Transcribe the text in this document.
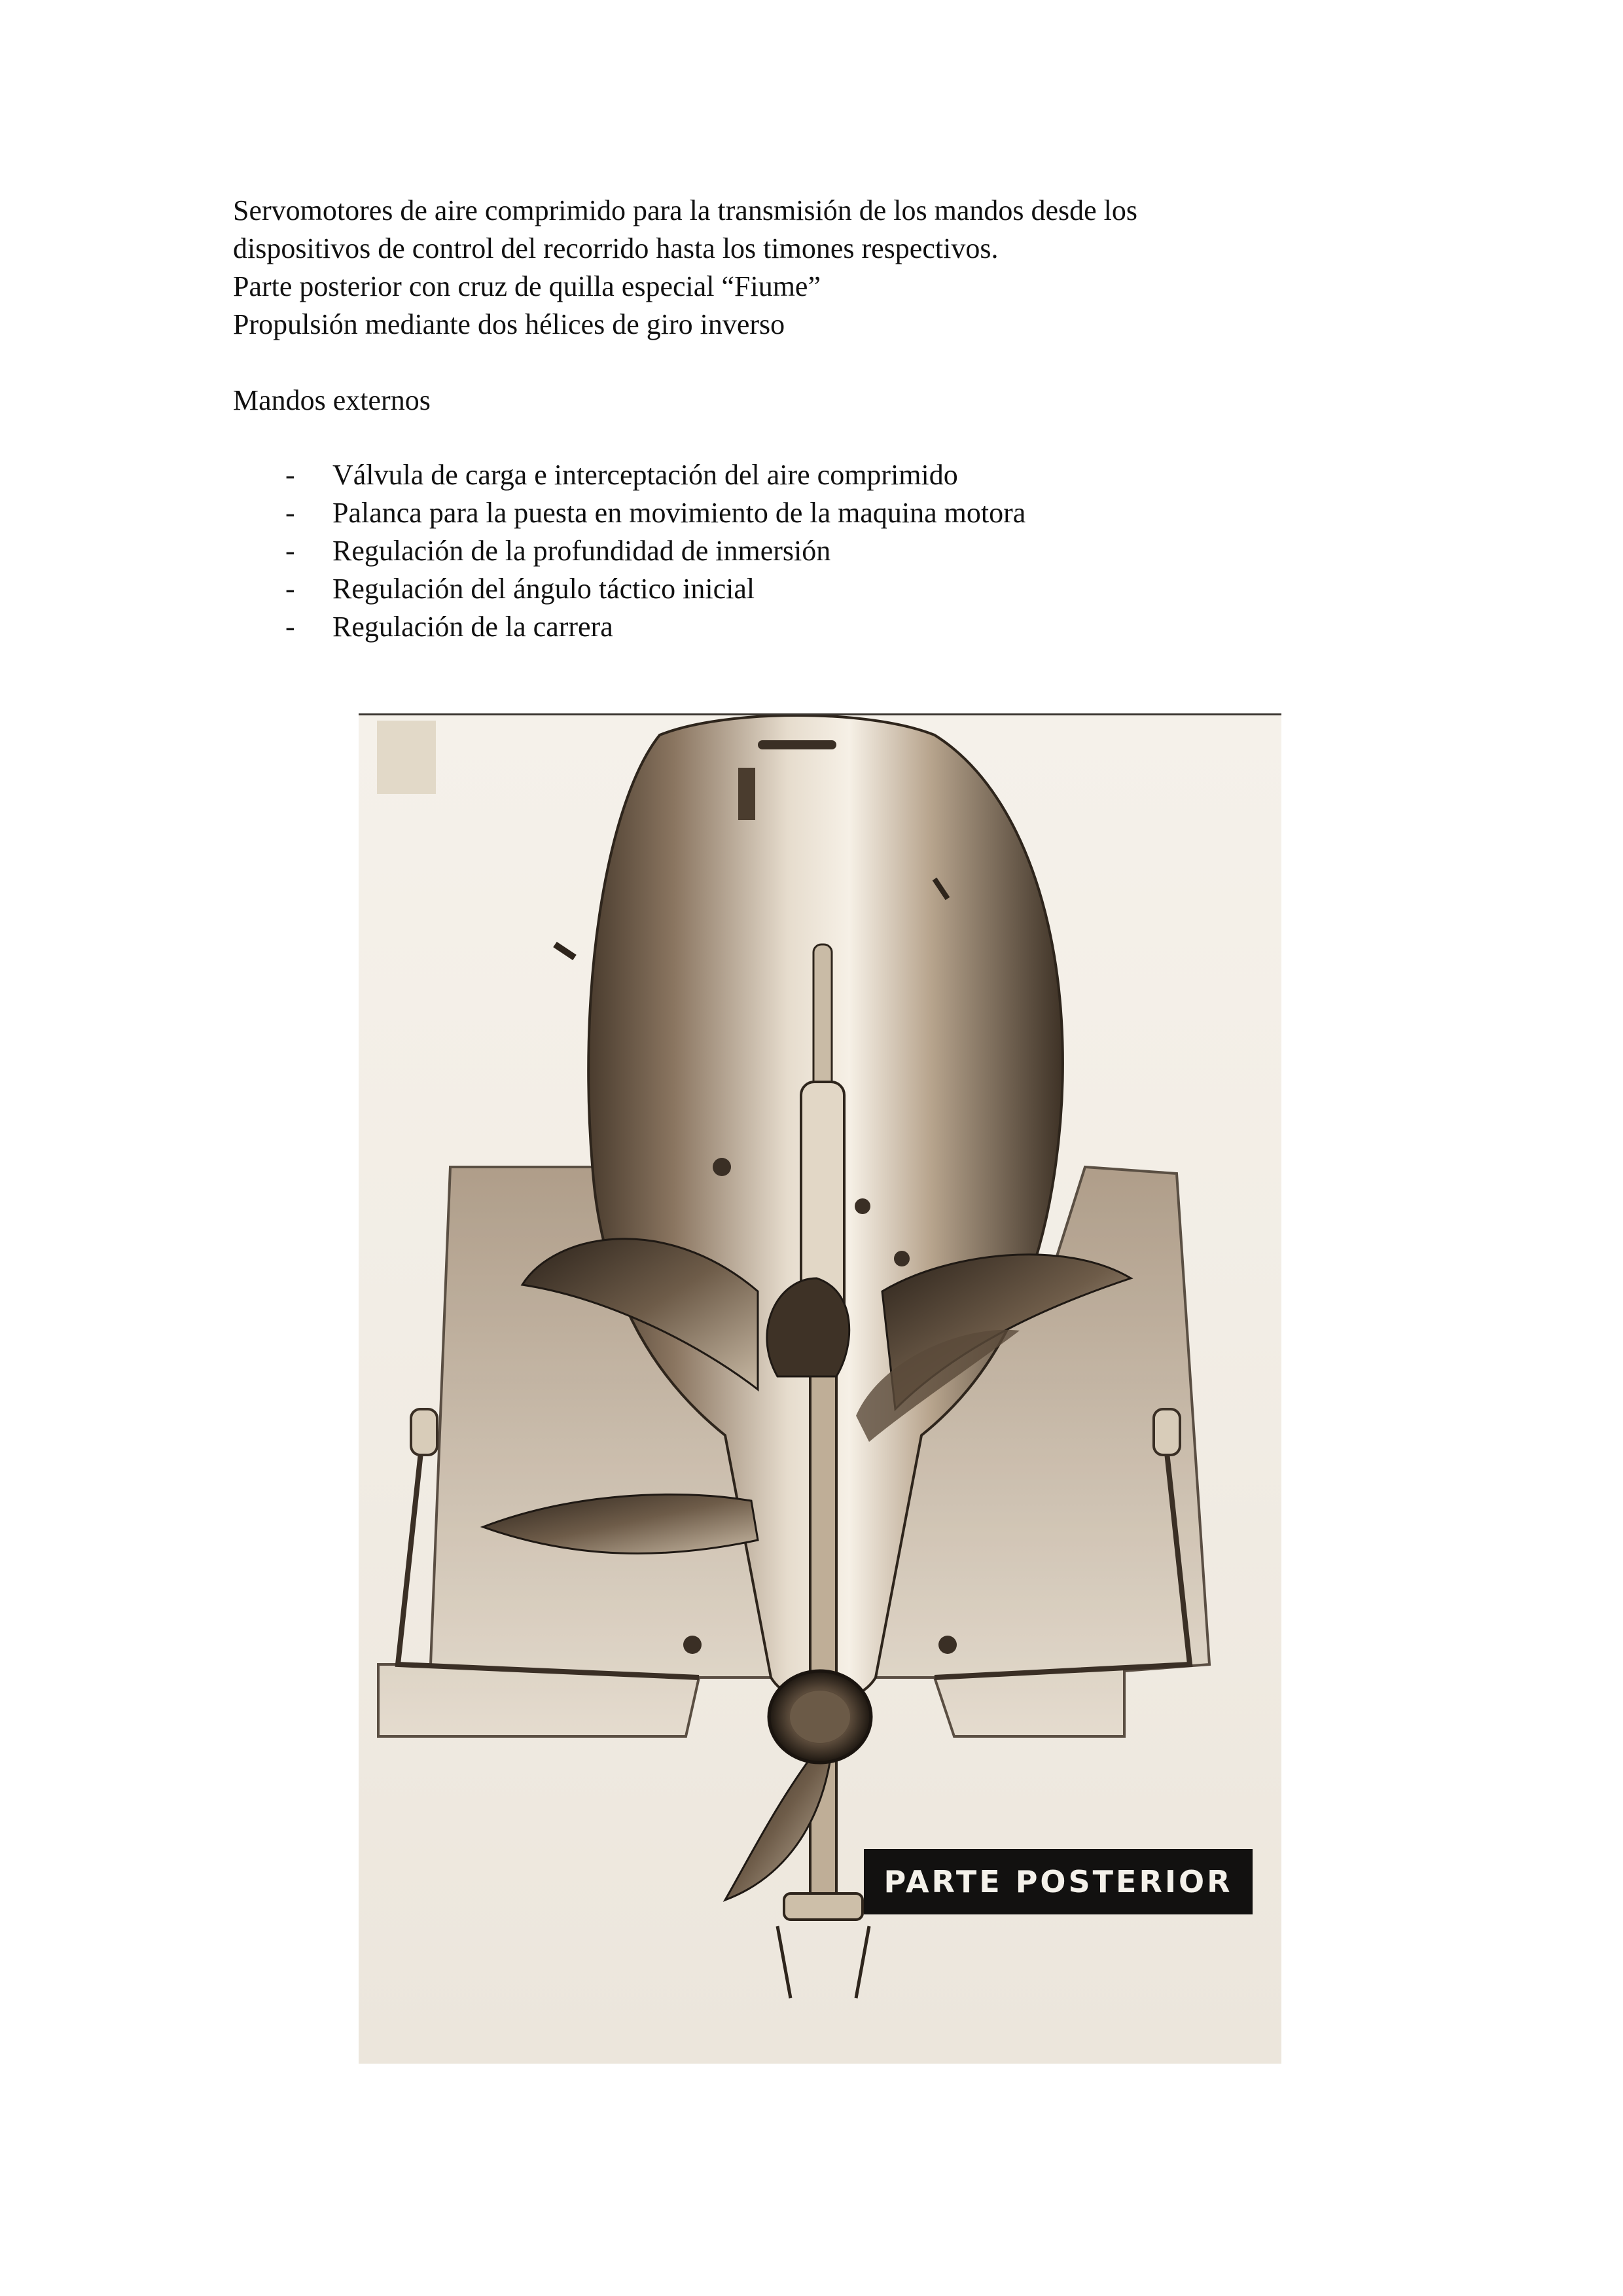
Servomotores de aire comprimido para la transmisión de los mandos desde los

dispositivos de control del recorrido hasta los timones respectivos.

Parte posterior con cruz de quilla especial “Fiume”

Propulsión mediante dos hélices de giro inverso

Mandos externos

- Válvula de carga e interceptación del aire comprimido
- Palanca para la puesta en movimiento de la maquina motora
- Regulación de la profundidad de inmersión
- Regulación del ángulo táctico inicial
- Regulación de la carrera
PARTE POSTERIOR
